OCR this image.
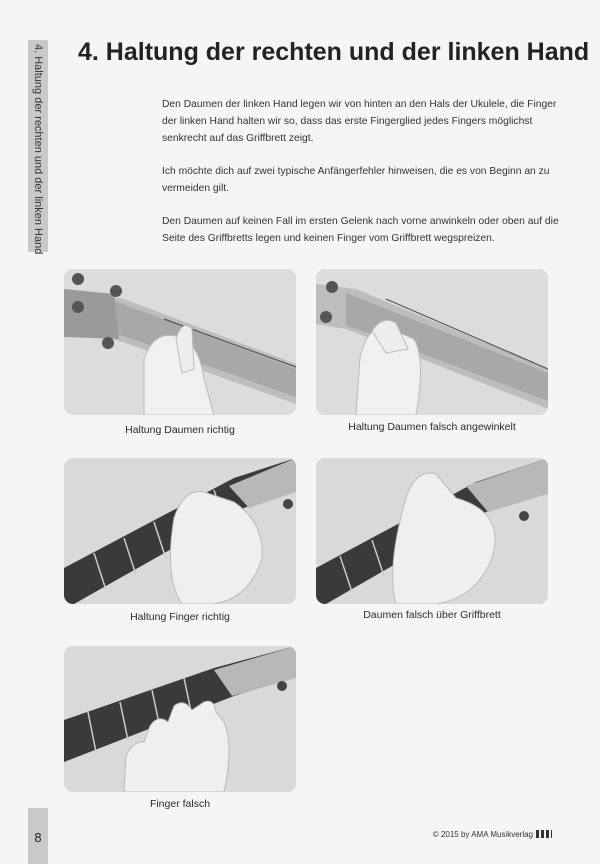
4. Haltung der rechten und der linken Hand 4. Haltung der rechten und der linken Hand

Den Daumen der linken Hand legen wir von hinten an den Hals der Ukulele, die Finger der linken Hand halten wir so, dass das erste Fingerglied jedes Fingers möglichst senkrecht auf das Griffbrett zeigt.

Ich möchte dich auf zwei typische Anfängerfehler hinweisen, die es von Beginn an zu vermeiden gilt.

Den Daumen auf keinen Fall im ersten Gelenk nach vorne anwinkeln oder oben auf die Seite des Griffbretts legen und keinen Finger vom Griffbrett wegspreizen.

Haltung Daumen richtig	Haltung Daumen falsch angewinkelt
Haltung Finger richtig	Daumen falsch über Griffbrett
Finger falsch
8	© 2015 by AMA Musikverlag
